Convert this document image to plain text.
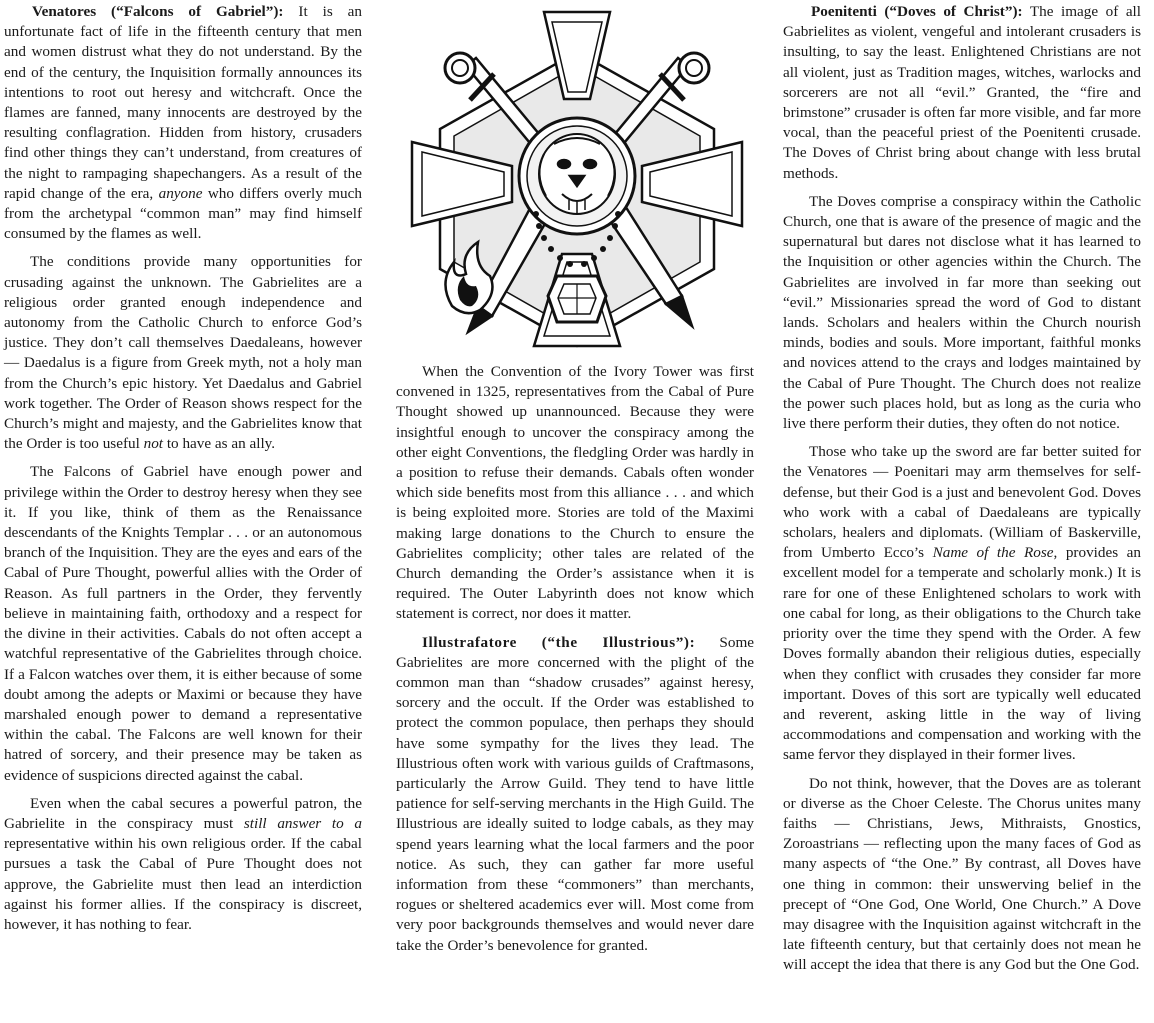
Venatores (“Falcons of Gabriel”): It is an unfortunate fact of life in the fifteenth century that men and women distrust what they do not understand. By the end of the century, the Inquisition formally announces its intentions to root out heresy and witchcraft. Once the flames are fanned, many innocents are destroyed by the resulting conflagration. Hidden from history, crusaders find other things they can’t understand, from creatures of the night to rampaging shapechangers. As a result of the rapid change of the era, anyone who differs overly much from the archetypal “common man” may find himself consumed by the flames as well.

The conditions provide many opportunities for crusading against the unknown. The Gabrielites are a religious order granted enough independence and autonomy from the Catholic Church to enforce God’s justice. They don’t call themselves Daedaleans, however — Daedalus is a figure from Greek myth, not a holy man from the Church’s epic history. Yet Daedalus and Gabriel work together. The Order of Reason shows respect for the Church’s might and majesty, and the Gabrielites know that the Order is too useful not to have as an ally.

The Falcons of Gabriel have enough power and privilege within the Order to destroy heresy when they see it. If you like, think of them as the Renaissance descendants of the Knights Templar . . . or an autonomous branch of the Inquisition. They are the eyes and ears of the Cabal of Pure Thought, powerful allies with the Order of Reason. As full partners in the Order, they fervently believe in maintaining faith, orthodoxy and a respect for the divine in their activities. Cabals do not often accept a watchful representative of the Gabrielites through choice. If a Falcon watches over them, it is either because of some doubt among the adepts or Maximi or because they have marshaled enough power to demand a representative within the cabal. The Falcons are well known for their hatred of sorcery, and their presence may be taken as evidence of suspicions directed against the cabal.

Even when the cabal secures a powerful patron, the Gabrielite in the conspiracy must still answer to a representative within his own religious order. If the cabal pursues a task the Cabal of Pure Thought does not approve, the Gabrielite must then lead an interdiction against his former allies. If the conspiracy is discreet, however, it has nothing to fear.

When the Convention of the Ivory Tower was first convened in 1325, representatives from the Cabal of Pure Thought showed up unannounced. Because they were insightful enough to uncover the conspiracy among the other eight Conventions, the fledgling Order was hardly in a position to refuse their demands. Cabals often wonder which side benefits most from this alliance . . . and which is being exploited more. Stories are told of the Maximi making large donations to the Church to ensure the Gabrielites complicity; other tales are related of the Church demanding the Order’s assistance when it is required. The Outer Labyrinth does not know which statement is correct, nor does it matter.

Illustrafatore (“the Illustrious”): Some Gabrielites are more concerned with the plight of the common man than “shadow crusades” against heresy, sorcery and the occult. If the Order was established to protect the common populace, then perhaps they should have some sympathy for the lives they lead. The Illustrious often work with various guilds of Craftmasons, particularly the Arrow Guild. They tend to have little patience for self-serving merchants in the High Guild. The Illustrious are ideally suited to lodge cabals, as they may spend years learning what the local farmers and the poor notice. As such, they can gather far more useful information from these “commoners” than merchants, rogues or sheltered academics ever will. Most come from very poor backgrounds themselves and would never dare take the Order’s benevolence for granted.

Poenitenti (“Doves of Christ”): The image of all Gabrielites as violent, vengeful and intolerant crusaders is insulting, to say the least. Enlightened Christians are not all violent, just as Tradition mages, witches, warlocks and sorcerers are not all “evil.” Granted, the “fire and brimstone” crusader is often far more visible, and far more vocal, than the peaceful priest of the Poenitenti crusade. The Doves of Christ bring about change with less brutal methods.

The Doves comprise a conspiracy within the Catholic Church, one that is aware of the presence of magic and the supernatural but dares not disclose what it has learned to the Inquisition or other agencies within the Church. The Gabrielites are involved in far more than seeking out “evil.” Missionaries spread the word of God to distant lands. Scholars and healers within the Church nourish minds, bodies and souls. More important, faithful monks and novices attend to the crays and lodges maintained by the Cabal of Pure Thought. The Church does not realize the power such places hold, but as long as the curia who live there perform their duties, they often do not notice.

Those who take up the sword are far better suited for the Venatores — Poenitari may arm themselves for self-defense, but their God is a just and benevolent God. Doves who work with a cabal of Daedaleans are typically scholars, healers and diplomats. (William of Baskerville, from Umberto Ecco’s Name of the Rose, provides an excellent model for a temperate and scholarly monk.) It is rare for one of these Enlightened scholars to work with one cabal for long, as their obligations to the Church take priority over the time they spend with the Order. A few Doves formally abandon their religious duties, especially when they conflict with crusades they consider far more important. Doves of this sort are typically well educated and reverent, asking little in the way of living accommodations and compensation and working with the same fervor they displayed in their former lives.

Do not think, however, that the Doves are as tolerant or diverse as the Choer Celeste. The Chorus unites many faiths — Christians, Jews, Mithraists, Gnostics, Zoroastrians — reflecting upon the many faces of God as many aspects of “the One.” By contrast, all Doves have one thing in common: their unswerving belief in the precept of “One God, One World, One Church.” A Dove may disagree with the Inquisition against witchcraft in the late fifteenth century, but that certainly does not mean he will accept the idea that there is any God but the One God.
